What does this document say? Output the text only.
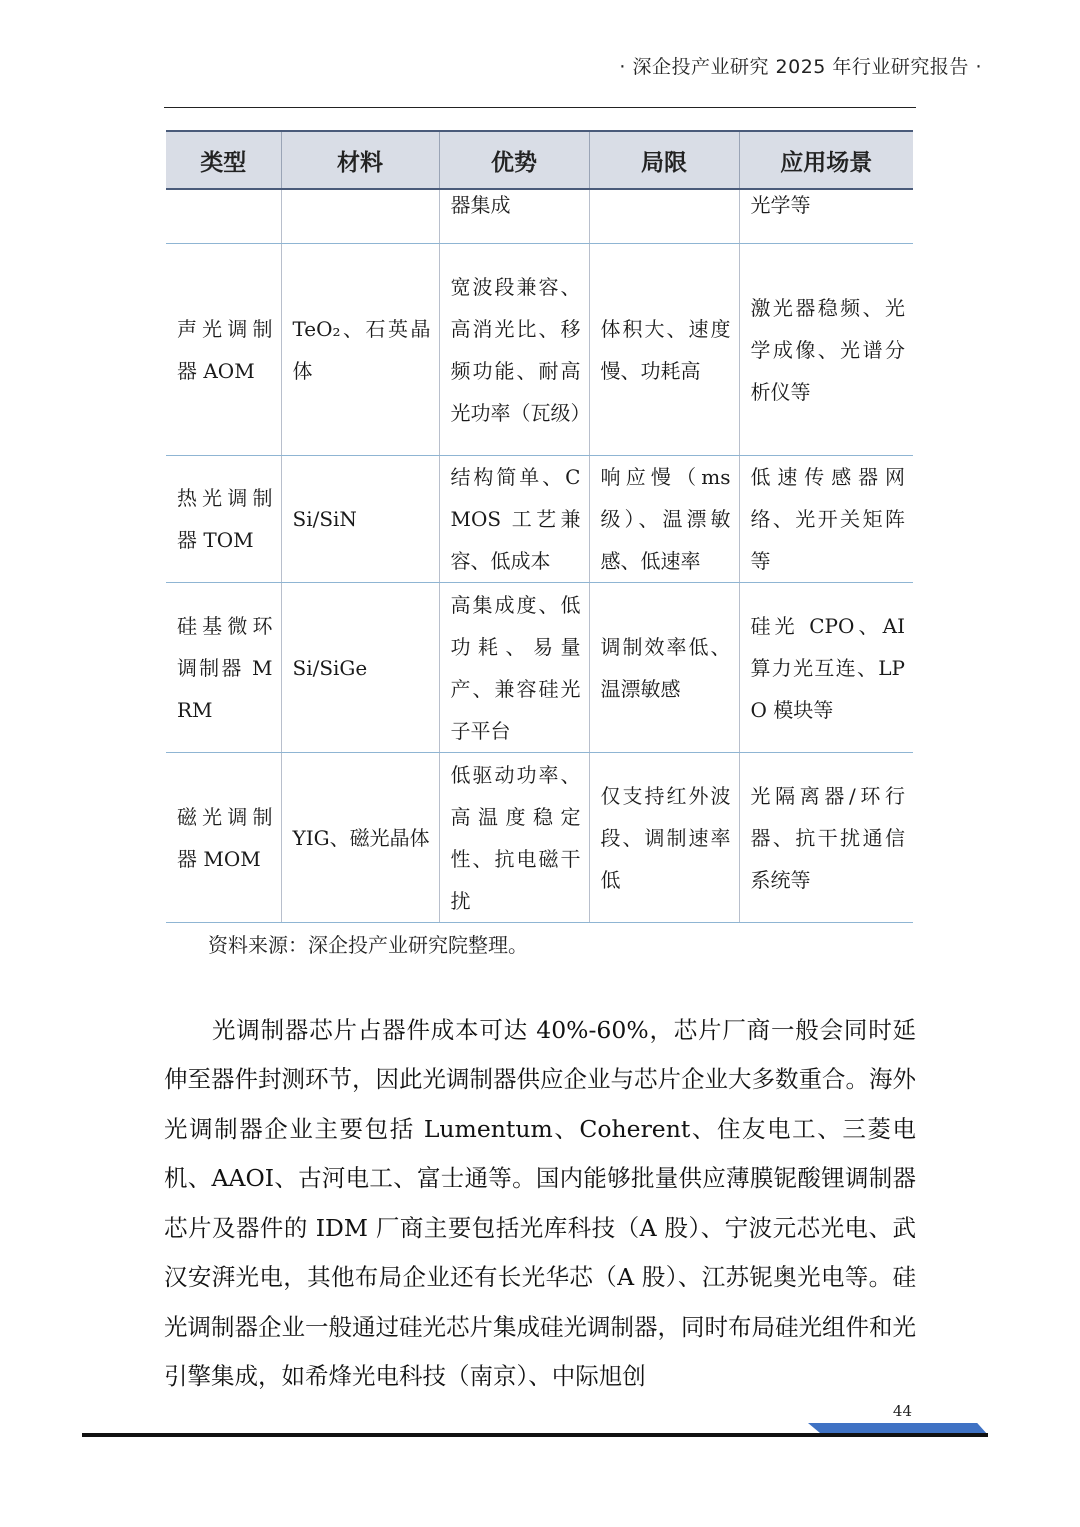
· 深企投产业研究 2025 年行业研究报告 ·
类型	材料	优势	局限	应用场景
		器集成		光学等
声光调制器 AOM	TeO₂、石英晶体	宽波段兼容、高消光比、移频功能、耐高光功率（瓦级）	体积大、速度慢、功耗高	激光器稳频、光学成像、光谱分析仪等
热光调制器 TOM	Si/SiN	结构简单、CMOS 工艺兼容、低成本	响应慢（ms 级）、温漂敏感、低速率	低速传感器网络、光开关矩阵等
硅基微环调制器 MRM	Si/SiGe	高集成度、低功耗、易量产、兼容硅光子平台	调制效率低、温漂敏感	硅光 CPO、AI 算力光互连、LPO 模块等
磁光调制器 MOM	YIG、磁光晶体	低驱动功率、高温度稳定性、抗电磁干扰	仅支持红外波段、调制速率低	光隔离器/环行器、抗干扰通信系统等
资料来源：深企投产业研究院整理。

光调制器芯片占器件成本可达 40%-60%，芯片厂商一般会同时延伸至器件封测环节，因此光调制器供应企业与芯片企业大多数重合。海外光调制器企业主要包括 Lumentum、Coherent、住友电工、三菱电机、AAOI、古河电工、富士通等。国内能够批量供应薄膜铌酸锂调制器芯片及器件的 IDM 厂商主要包括光库科技（A 股）、宁波元芯光电、武汉安湃光电，其他布局企业还有长光华芯（A 股）、江苏铌奥光电等。硅光调制器企业一般通过硅光芯片集成硅光调制器，同时布局硅光组件和光引擎集成，如希烽光电科技（南京）、中际旭创

44
